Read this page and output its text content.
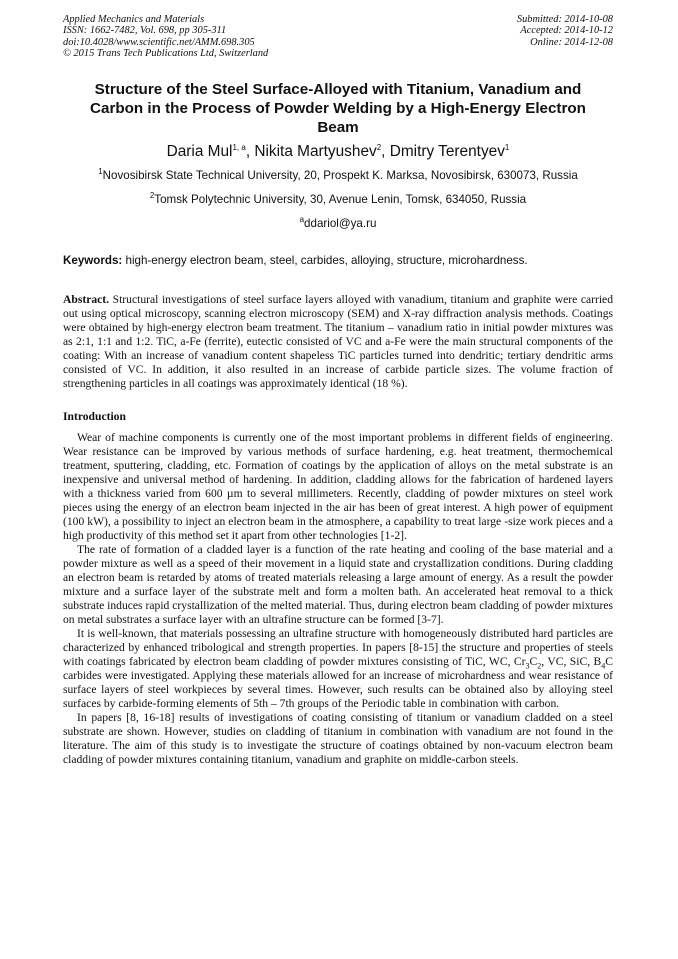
Applied Mechanics and Materials
ISSN: 1662-7482, Vol. 698, pp 305-311
doi:10.4028/www.scientific.net/AMM.698.305
© 2015 Trans Tech Publications Ltd, Switzerland
Submitted: 2014-10-08
Accepted: 2014-10-12
Online: 2014-12-08
Structure of the Steel Surface-Alloyed with Titanium, Vanadium and Carbon in the Process of Powder Welding by a High-Energy Electron Beam
Daria Mul$^{1, a}$, Nikita Martyushev$^2$, Dmitry Terentyev$^1$
$^1$Novosibirsk State Technical University, 20, Prospekt K. Marksa, Novosibirsk, 630073, Russia
$^2$Tomsk Polytechnic University, 30, Avenue Lenin, Tomsk, 634050, Russia
$^a$ddariol@ya.ru
Keywords: high-energy electron beam, steel, carbides, alloying, structure, microhardness.

Abstract. Structural investigations of steel surface layers alloyed with vanadium, titanium and graphite were carried out using optical microscopy, scanning electron microscopy (SEM) and X-ray diffraction analysis methods. Coatings were obtained by high-energy electron beam treatment. The titanium – vanadium ratio in initial powder mixtures was as 2:1, 1:1 and 1:2. TiC, a-Fe (ferrite), eutectic consisted of VC and a-Fe were the main structural components of the coating: With an increase of vanadium content shapeless TiC particles turned into dendritic; tertiary dendritic arms consisted of VC. In addition, it also resulted in an increase of carbide particle sizes. The volume fraction of strengthening particles in all coatings was approximately identical (18 %).

Introduction

Wear of machine components is currently one of the most important problems in different fields of engineering. Wear resistance can be improved by various methods of surface hardening, e.g. heat treatment, thermochemical treatment, sputtering, cladding, etc. Formation of coatings by the application of alloys on the metal substrate is an inexpensive and universal method of hardening. In addition, cladding allows for the fabrication of hardened layers with a thickness varied from 600 µm to several millimeters. Recently, cladding of powder mixtures on steel work pieces using the energy of an electron beam injected in the air has been of great interest. A high power of equipment (100 kW), a possibility to inject an electron beam in the atmosphere, a capability to treat large -size work pieces and a high productivity of this method set it apart from other technologies [1-2].

The rate of formation of a cladded layer is a function of the rate heating and cooling of the base material and a powder mixture as well as a speed of their movement in a liquid state and crystallization conditions. During cladding an electron beam is retarded by atoms of treated materials releasing a large amount of energy. As a result the powder mixture and a surface layer of the substrate melt and form a molten bath. An accelerated heat removal to a thick substrate induces rapid crystallization of the melted material. Thus, during electron beam cladding of powder mixtures on metal substrates a surface layer with an ultrafine structure can be formed [3-7].

It is well-known, that materials possessing an ultrafine structure with homogeneously distributed hard particles are characterized by enhanced tribological and strength properties. In papers [8-15] the structure and properties of steels with coatings fabricated by electron beam cladding of powder mixtures consisting of TiC, WC, $Cr_3C_2$, VC, SiC, $B_4C$ carbides were investigated. Applying these materials allowed for an increase of microhardness and wear resistance of surface layers of steel workpieces by several times. However, such results can be obtained also by alloying steel surfaces by carbide-forming elements of 5th – 7th groups of the Periodic table in combination with carbon.

In papers [8, 16-18] results of investigations of coating consisting of titanium or vanadium cladded on a steel substrate are shown. However, studies on cladding of titanium in combination with vanadium are not found in the literature. The aim of this study is to investigate the structure of coatings obtained by non-vacuum electron beam cladding of powder mixtures containing titanium, vanadium and graphite on middle-carbon steels.
